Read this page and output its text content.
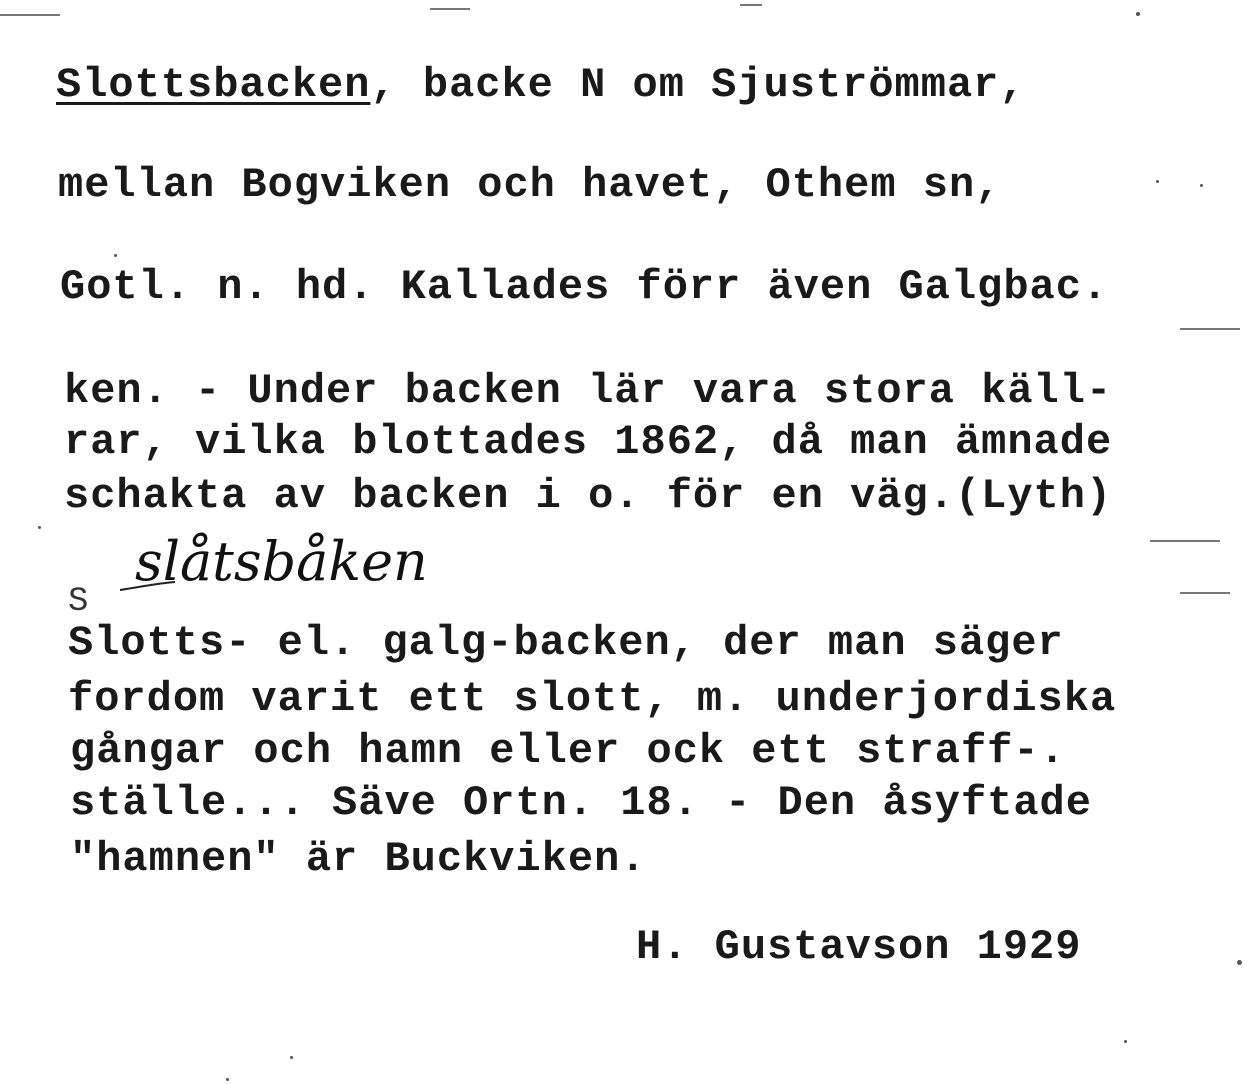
Slottsbacken, backe N om Sjuströmmar,
mellan Bogviken och havet, Othem sn,
Gotl. n. hd. Kallades förr även Galgbac.
ken. - Under backen lär vara stora käll-
rar, vilka blottades 1862, då man ämnade
schakta av backen i o. för en väg.(Lyth)
slåtsbåken
S
Slotts- el. galg-backen, der man säger
fordom varit ett slott, m. underjordiska
gångar och hamn eller ock ett straff-.
ställe... Säve Ortn. 18. - Den åsyftade
"hamnen" är Buckviken.
H. Gustavson 1929
